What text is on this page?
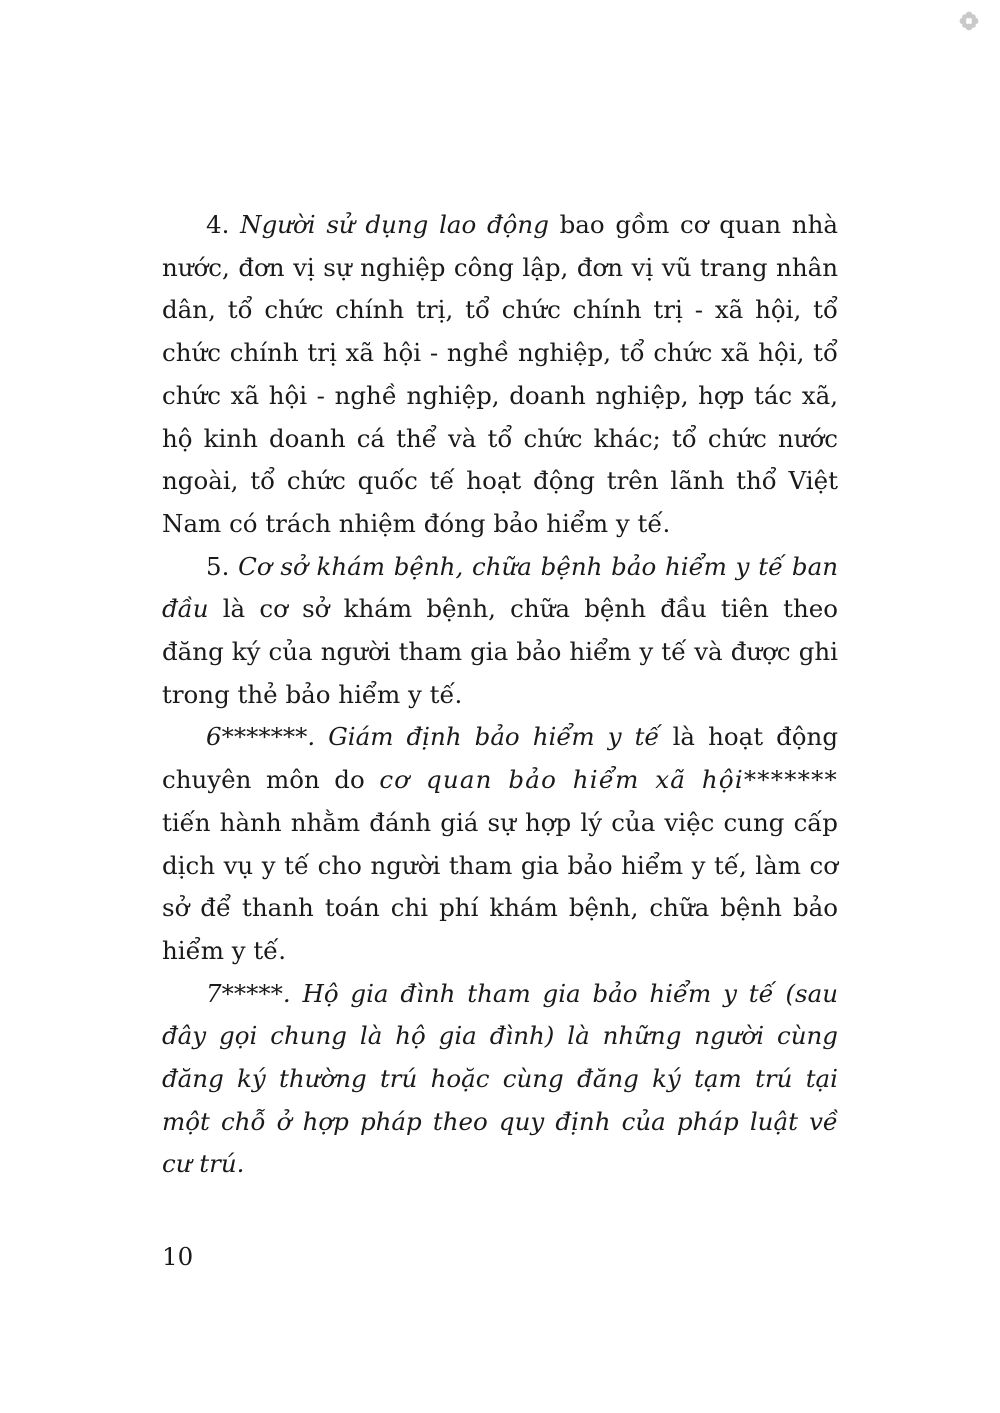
4. Người sử dụng lao động bao gồm cơ quan nhà nước, đơn vị sự nghiệp công lập, đơn vị vũ trang nhân dân, tổ chức chính trị, tổ chức chính trị - xã hội, tổ chức chính trị xã hội - nghề nghiệp, tổ chức xã hội, tổ chức xã hội - nghề nghiệp, doanh nghiệp, hợp tác xã, hộ kinh doanh cá thể và tổ chức khác; tổ chức nước ngoài, tổ chức quốc tế hoạt động trên lãnh thổ Việt Nam có trách nhiệm đóng bảo hiểm y tế.

5. Cơ sở khám bệnh, chữa bệnh bảo hiểm y tế ban đầu là cơ sở khám bệnh, chữa bệnh đầu tiên theo đăng ký của người tham gia bảo hiểm y tế và được ghi trong thẻ bảo hiểm y tế.

6*******. Giám định bảo hiểm y tế là hoạt động chuyên môn do cơ quan bảo hiểm xã hội******* tiến hành nhằm đánh giá sự hợp lý của việc cung cấp dịch vụ y tế cho người tham gia bảo hiểm y tế, làm cơ sở để thanh toán chi phí khám bệnh, chữa bệnh bảo hiểm y tế.

7*****. Hộ gia đình tham gia bảo hiểm y tế (sau đây gọi chung là hộ gia đình) là những người cùng đăng ký thường trú hoặc cùng đăng ký tạm trú tại một chỗ ở hợp pháp theo quy định của pháp luật về cư trú.

10
